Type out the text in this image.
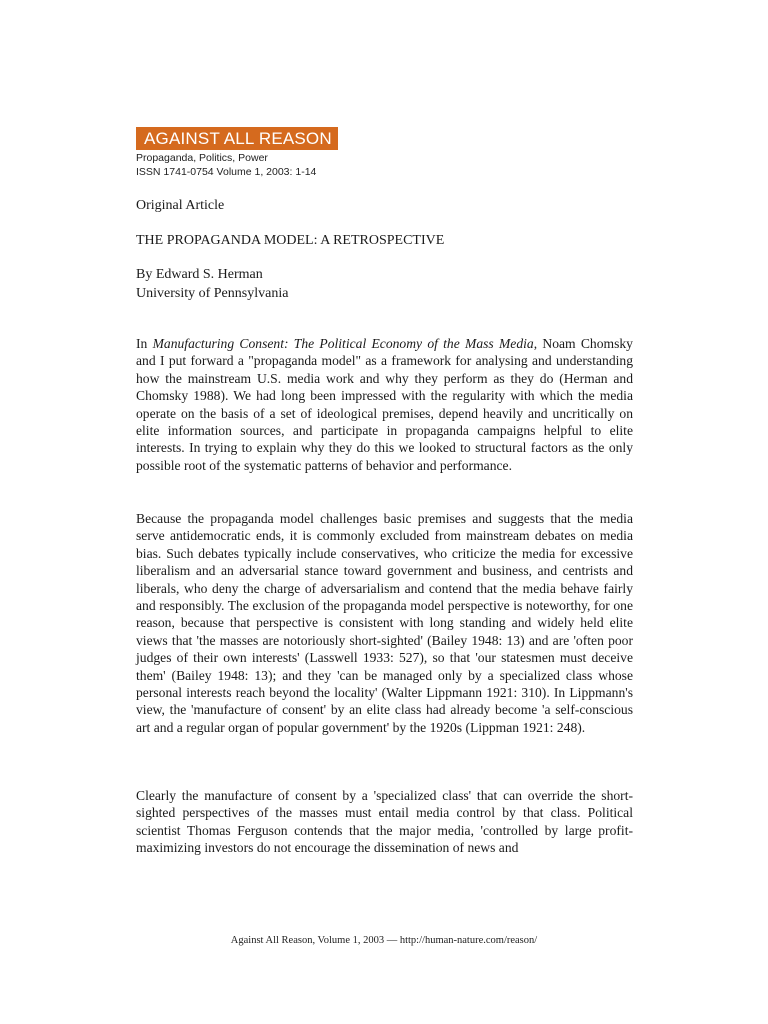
AGAINST ALL REASON
Propaganda, Politics, Power
ISSN 1741-0754 Volume 1, 2003: 1-14
Original Article
THE PROPAGANDA MODEL: A RETROSPECTIVE
By Edward S. Herman
University of Pennsylvania
In Manufacturing Consent: The Political Economy of the Mass Media, Noam Chomsky and I put forward a "propaganda model" as a framework for analysing and understanding how the mainstream U.S. media work and why they perform as they do (Herman and Chomsky 1988). We had long been impressed with the regularity with which the media operate on the basis of a set of ideological premises, depend heavily and uncritically on elite information sources, and participate in propaganda campaigns helpful to elite interests. In trying to explain why they do this we looked to structural factors as the only possible root of the systematic patterns of behavior and performance.
Because the propaganda model challenges basic premises and suggests that the media serve antidemocratic ends, it is commonly excluded from mainstream debates on media bias. Such debates typically include conservatives, who criticize the media for excessive liberalism and an adversarial stance toward government and business, and centrists and liberals, who deny the charge of adversarialism and contend that the media behave fairly and responsibly. The exclusion of the propaganda model perspective is noteworthy, for one reason, because that perspective is consistent with long standing and widely held elite views that 'the masses are notoriously short-sighted' (Bailey 1948: 13) and are 'often poor judges of their own interests' (Lasswell 1933: 527), so that 'our statesmen must deceive them' (Bailey 1948: 13); and they 'can be managed only by a specialized class whose personal interests reach beyond the locality' (Walter Lippmann 1921: 310). In Lippmann's view, the 'manufacture of consent' by an elite class had already become 'a self-conscious art and a regular organ of popular government' by the 1920s (Lippman 1921: 248).
Clearly the manufacture of consent by a 'specialized class' that can override the short-sighted perspectives of the masses must entail media control by that class. Political scientist Thomas Ferguson contends that the major media, 'controlled by large profit-maximizing investors do not encourage the dissemination of news and
Against All Reason, Volume 1, 2003 — http://human-nature.com/reason/
